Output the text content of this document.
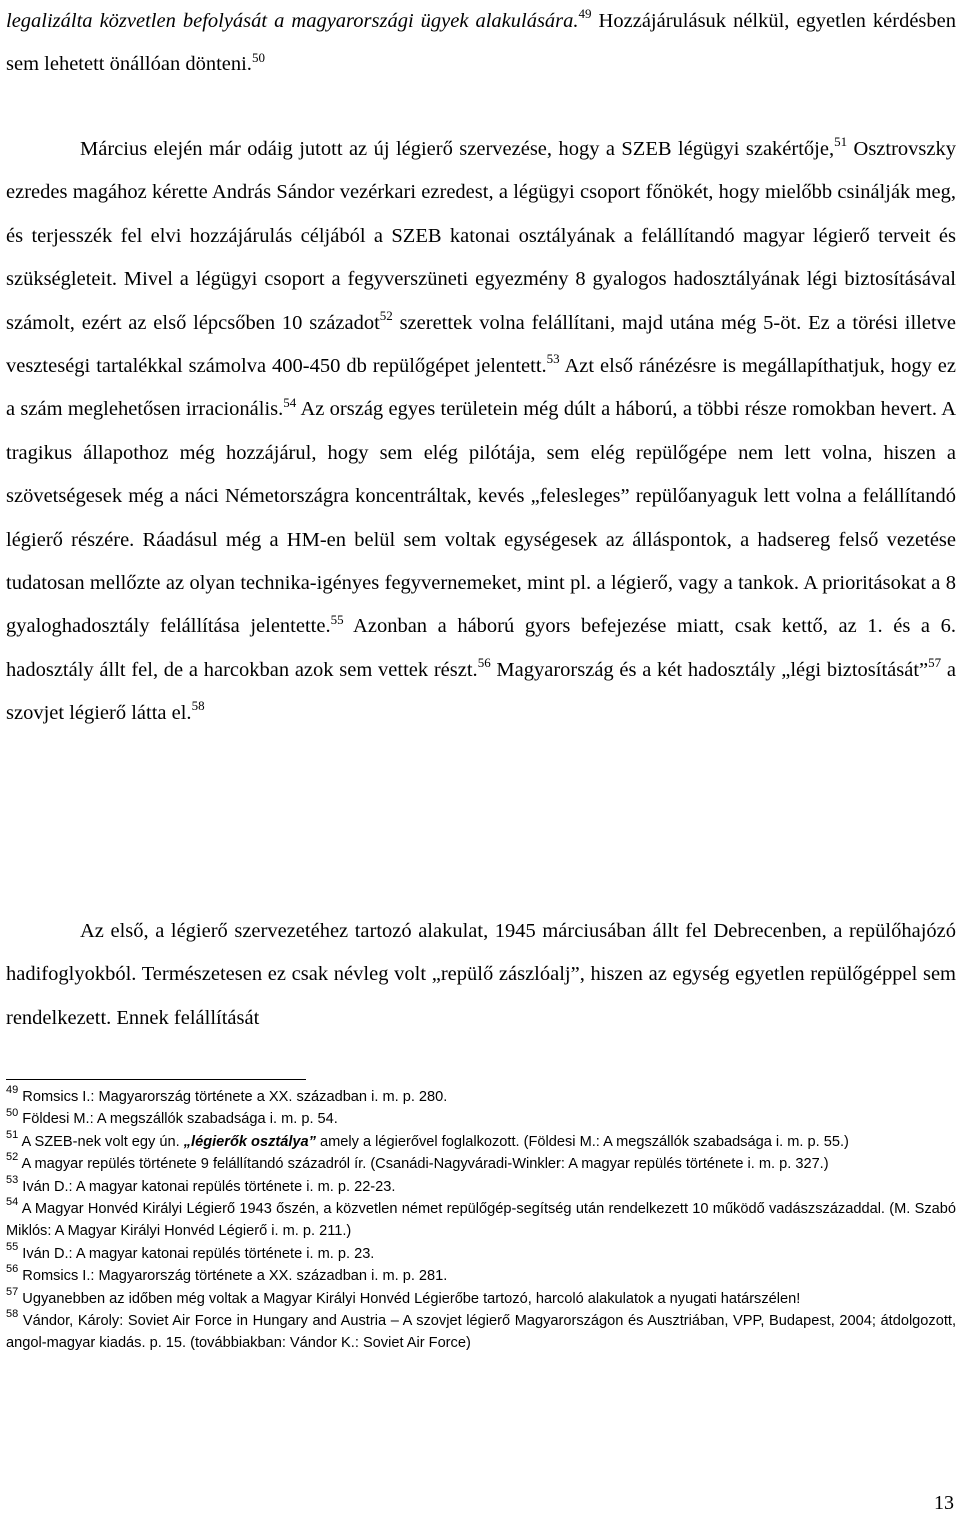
legalizálta közvetlen befolyását a magyarországi ügyek alakulására.$^{49}$ Hozzájárulásuk nélkül, egyetlen kérdésben sem lehetett önállóan dönteni.$^{50}$

Március elején már odáig jutott az új légierő szervezése, hogy a SZEB légügyi szakértője,$^{51}$ Osztrovszky ezredes magához kérette András Sándor vezérkari ezredest, a légügyi csoport főnökét, hogy mielőbb csinálják meg, és terjesszék fel elvi hozzájárulás céljából a SZEB katonai osztályának a felállítandó magyar légierő terveit és szükségleteit. Mivel a légügyi csoport a fegyverszüneti egyezmény 8 gyalogos hadosztályának légi biztosításával számolt, ezért az első lépcsőben 10 századot$^{52}$ szerettek volna felállítani, majd utána még 5-öt. Ez a törési illetve veszteségi tartalékkal számolva 400-450 db repülőgépet jelentett.$^{53}$ Azt első ránézésre is megállapíthatjuk, hogy ez a szám meglehetősen irracionális.$^{54}$ Az ország egyes területein még dúlt a háború, a többi része romokban hevert. A tragikus állapothoz még hozzájárul, hogy sem elég pilótája, sem elég repülőgépe nem lett volna, hiszen a szövetségesek még a náci Németországra koncentráltak, kevés „felesleges” repülőanyaguk lett volna a felállítandó légierő részére. Ráadásul még a HM-en belül sem voltak egységesek az álláspontok, a hadsereg felső vezetése tudatosan mellőzte az olyan technika-igényes fegyvernemeket, mint pl. a légierő, vagy a tankok. A prioritásokat a 8 gyaloghadosztály felállítása jelentette.$^{55}$ Azonban a háború gyors befejezése miatt, csak kettő, az 1. és a 6. hadosztály állt fel, de a harcokban azok sem vettek részt.$^{56}$ Magyarország és a két hadosztály „légi biztosítását”$^{57}$ a szovjet légierő látta el.$^{58}$

Az első, a légierő szervezetéhez tartozó alakulat, 1945 márciusában állt fel Debrecenben, a repülőhajózó hadifoglyokból. Természetesen ez csak névleg volt „repülő zászlóalj”, hiszen az egység egyetlen repülőgéppel sem rendelkezett. Ennek felállítását

$^{49}$ Romsics I.: Magyarország története a XX. században i. m. p. 280.

$^{50}$ Földesi M.: A megszállók szabadsága i. m. p. 54.

$^{51}$ A SZEB-nek volt egy ún. „légierők osztálya” amely a légierővel foglalkozott. (Földesi M.: A megszállók szabadsága i. m. p. 55.)

$^{52}$ A magyar repülés története 9 felállítandó századról ír. (Csanádi-Nagyváradi-Winkler: A magyar repülés története i. m. p. 327.)

$^{53}$ Iván D.: A magyar katonai repülés története i. m. p. 22-23.

$^{54}$ A Magyar Honvéd Királyi Légierő 1943 őszén, a közvetlen német repülőgép-segítség után rendelkezett 10 működő vadászszázaddal. (M. Szabó Miklós: A Magyar Királyi Honvéd Légierő i. m. p. 211.)

$^{55}$ Iván D.: A magyar katonai repülés története i. m. p. 23.

$^{56}$ Romsics I.: Magyarország története a XX. században i. m. p. 281.

$^{57}$ Ugyanebben az időben még voltak a Magyar Királyi Honvéd Légierőbe tartozó, harcoló alakulatok a nyugati határszélen!

$^{58}$ Vándor, Károly: Soviet Air Force in Hungary and Austria – A szovjet légierő Magyarországon és Ausztriában, VPP, Budapest, 2004; átdolgozott, angol-magyar kiadás. p. 15. (továbbiakban: Vándor K.: Soviet Air Force)

13
